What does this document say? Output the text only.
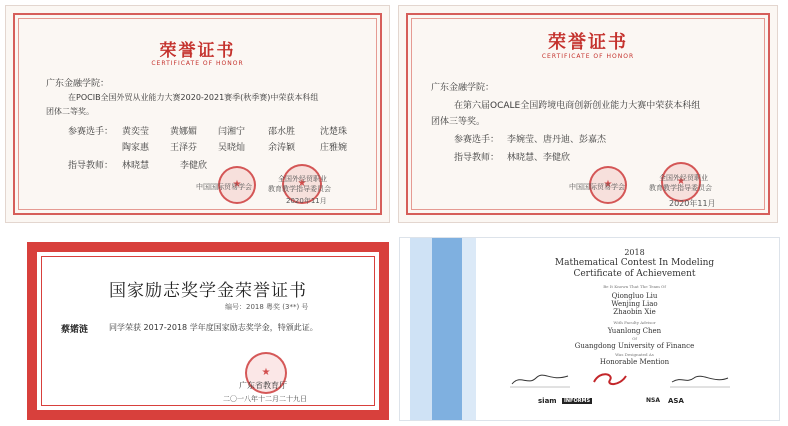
荣誉证书
CERTIFICATE OF HONOR
广东金融学院：
在POCIB全国外贸从业能力大赛2020-2021赛季(秋季赛)中荣获本科组
团体二等奖。
参赛选手： 黄奕莹 黄娜媚 闫湘宁	邵水胜	沈楚珠
陶家惠 王泽芬 吴晓灿	余涛颖	庄雅婉
指导教师： 林晓慧	李健欣
★
★
中国国际贸易学会
全国外经贸职业
教育教学指导委员会
2020年11月
荣誉证书
CERTIFICATE OF HONOR
广东金融学院：
在第六届OCALE全国跨境电商创新创业能力大赛中荣获本科组
团体三等奖。
参赛选手： 李婉莹、唐丹迪、彭嘉杰
指导教师： 林晓慧、李健欣
★
★
中国国际贸易学会
全国外经贸职业
教育教学指导委员会
2020年11月
国家励志奖学金荣誉证书
编号：2018 粤奖 (3**) 号
蔡婼涟	同学荣获 2017-2018 学年度国家励志奖学金，特颁此证。
★
广东省教育厅
二〇一八年十二月二十九日
2018
Mathematical Contest In Modeling
Certificate of Achievement
Be It Known That The Team Of
Qiongluo Liu
Wenjing Liao
Zhaobin Xie
With Faculty Advisor
Yuanlong Chen
Of
Guangdong University of Finance
Was Designated As
Honorable Mention
siam	INFORMS	NSA ASA
